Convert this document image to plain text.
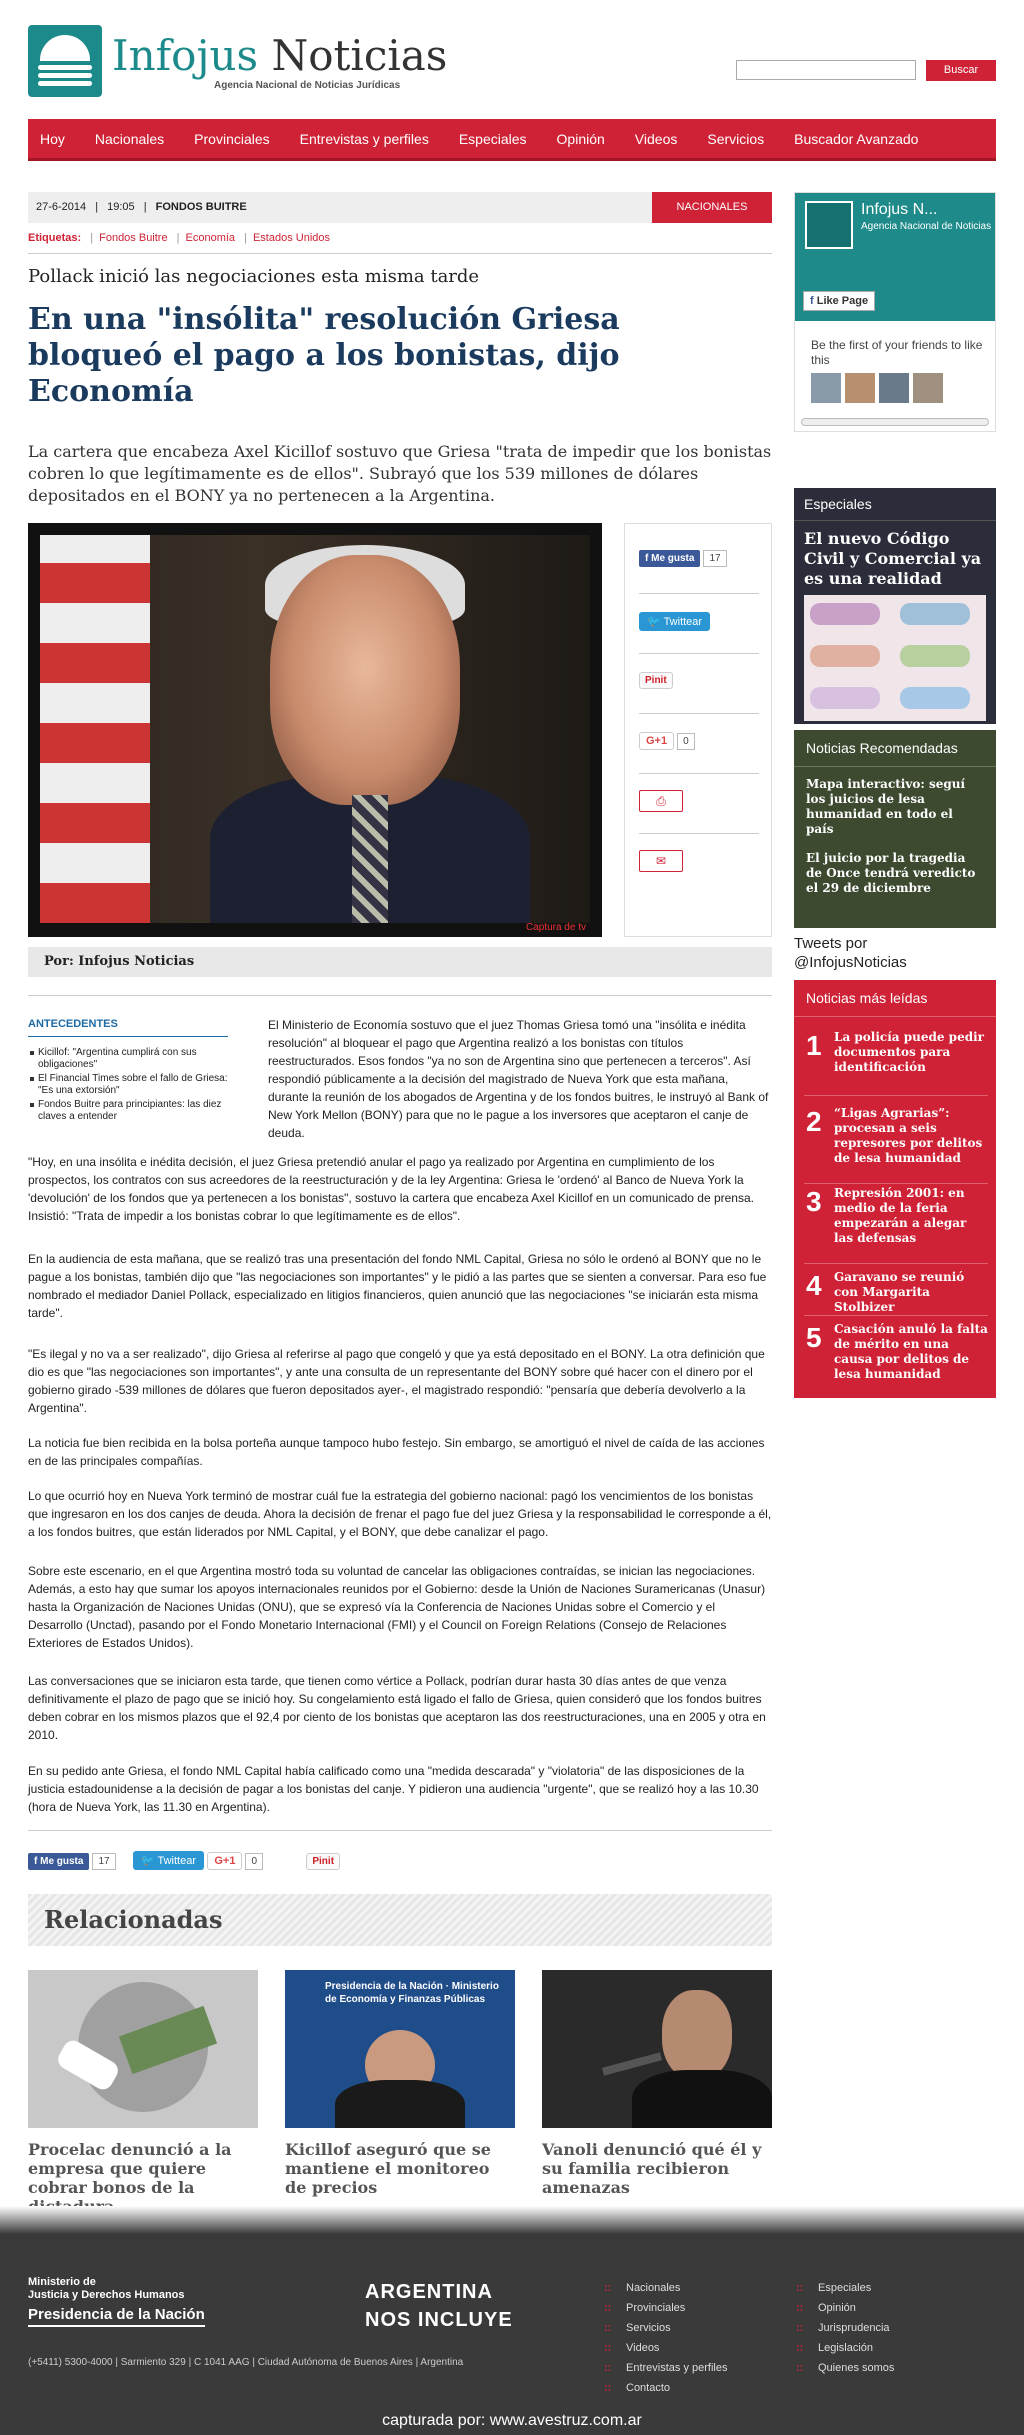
Infojus Noticias
Agencia Nacional de Noticias Jurídicas
Buscar
Hoy Nacionales Provinciales Entrevistas y perfiles Especiales Opinión Videos Servicios Buscador Avanzado
27-6-2014 | 19:05 | FONDOS BUITRE	NACIONALES
Etiquetas: | Fondos Buitre | Economía | Estados Unidos
Pollack inició las negociaciones esta misma tarde
En una "insólita" resolución Griesa bloqueó el pago a los bonistas, dijo Economía

La cartera que encabeza Axel Kicillof sostuvo que Griesa "trata de impedir que los bonistas cobren lo que legítimamente es de ellos". Subrayó que los 539 millones de dólares depositados en el BONY ya no pertenecen a la Argentina.

Captura de tv
f Me gusta 17
🐦 Twittear
Pinit
G+1 0
⎙
✉
Por: Infojus Noticias
ANTECEDENTES
Kicillof: "Argentina cumplirá con sus obligaciones"
El Financial Times sobre el fallo de Griesa: "Es una extorsión"
Fondos Buitre para principiantes: las diez claves a entender

El Ministerio de Economía sostuvo que el juez Thomas Griesa tomó una "insólita e inédita resolución" al bloquear el pago que Argentina realizó a los bonistas con títulos reestructurados. Esos fondos "ya no son de Argentina sino que pertenecen a terceros". Así respondió públicamente a la decisión del magistrado de Nueva York que esta mañana, durante la reunión de los abogados de Argentina y de los fondos buitres, le instruyó al Bank of New York Mellon (BONY) para que no le pague a los inversores que aceptaron el canje de deuda.

"Hoy, en una insólita e inédita decisión, el juez Griesa pretendió anular el pago ya realizado por Argentina en cumplimiento de los prospectos, los contratos con sus acreedores de la reestructuración y de la ley Argentina: Griesa le 'ordenó' al Banco de Nueva York la 'devolución' de los fondos que ya pertenecen a los bonistas", sostuvo la cartera que encabeza Axel Kicillof en un comunicado de prensa. Insistió: "Trata de impedir a los bonistas cobrar lo que legítimamente es de ellos".

En la audiencia de esta mañana, que se realizó tras una presentación del fondo NML Capital, Griesa no sólo le ordenó al BONY que no le pague a los bonistas, también dijo que "las negociaciones son importantes" y le pidió a las partes que se sienten a conversar. Para eso fue nombrado el mediador Daniel Pollack, especializado en litigios financieros, quien anunció que las negociaciones "se iniciarán esta misma tarde".

"Es ilegal y no va a ser realizado", dijo Griesa al referirse al pago que congeló y que ya está depositado en el BONY. La otra definición que dio es que "las negociaciones son importantes", y ante una consulta de un representante del BONY sobre qué hacer con el dinero por el gobierno girado -539 millones de dólares que fueron depositados ayer-, el magistrado respondió: "pensaría que debería devolverlo a la Argentina".

La noticia fue bien recibida en la bolsa porteña aunque tampoco hubo festejo. Sin embargo, se amortiguó el nivel de caída de las acciones en de las principales compañías.

Lo que ocurrió hoy en Nueva York terminó de mostrar cuál fue la estrategia del gobierno nacional: pagó los vencimientos de los bonistas que ingresaron en los dos canjes de deuda. Ahora la decisión de frenar el pago fue del juez Griesa y la responsabilidad le corresponde a él, a los fondos buitres, que están liderados por NML Capital, y el BONY, que debe canalizar el pago.

Sobre este escenario, en el que Argentina mostró toda su voluntad de cancelar las obligaciones contraídas, se inician las negociaciones. Además, a esto hay que sumar los apoyos internacionales reunidos por el Gobierno: desde la Unión de Naciones Suramericanas (Unasur) hasta la Organización de Naciones Unidas (ONU), que se expresó vía la Conferencia de Naciones Unidas sobre el Comercio y el Desarrollo (Unctad), pasando por el Fondo Monetario Internacional (FMI) y el Council on Foreign Relations (Consejo de Relaciones Exteriores de Estados Unidos).

Las conversaciones que se iniciaron esta tarde, que tienen como vértice a Pollack, podrían durar hasta 30 días antes de que venza definitivamente el plazo de pago que se inició hoy. Su congelamiento está ligado el fallo de Griesa, quien consideró que los fondos buitres deben cobrar en los mismos plazos que el 92,4 por ciento de los bonistas que aceptaron las dos reestructuraciones, una en 2005 y otra en 2010.

En su pedido ante Griesa, el fondo NML Capital había calificado como una "medida descarada" y "violatoria" de las disposiciones de la justicia estadounidense a la decisión de pagar a los bonistas del canje. Y pidieron una audiencia "urgente", que se realizó hoy a las 10.30 (hora de Nueva York, las 11.30 en Argentina).

f Me gusta 17	🐦 Twittear G+1 0	Pinit
Relacionadas
Procelac denunció a la empresa que quiere cobrar bonos de la
Presidencia de la Nación · Ministerio de Economía y Finanzas Públicas
Kicillof aseguró que se mantiene el monitoreo de precios
Vanoli denunció qué él y su familia recibieron amenazas
Infojus N...
Agencia Nacional de Noticias
f Like Page
Be the first of your friends to like this
Especiales
El nuevo Código Civil y Comercial ya es una realidad
Noticias Recomendadas
Mapa interactivo: seguí los juicios de lesa humanidad en todo el país
El juicio por la tragedia de Once tendrá veredicto el 29 de diciembre
Tweets por @InfojusNoticias
Noticias más leídas
1 La policía puede pedir documentos para identificación
2 “Ligas Agrarias”: procesan a seis represores por delitos de lesa humanidad
3 Represión 2001: en medio de la feria empezarán a alegar las defensas
4 Garavano se reunió con Margarita Stolbizer
5 Casación anuló la falta de mérito en una causa por delitos de lesa humanidad
Ministerio de
Justicia y Derechos Humanos
Presidencia de la Nación
ARGENTINA
NOS INCLUYE
(+5411) 5300-4000 | Sarmiento 329 | C 1041 AAG | Ciudad Autónoma de Buenos Aires | Argentina
:: Nacionales
:: Provinciales
:: Servicios
:: Videos
:: Entrevistas y perfiles
:: Contacto
:: Especiales
:: Opinión
:: Jurisprudencia
:: Legislación
:: Quienes somos
capturada por: www.avestruz.com.ar
